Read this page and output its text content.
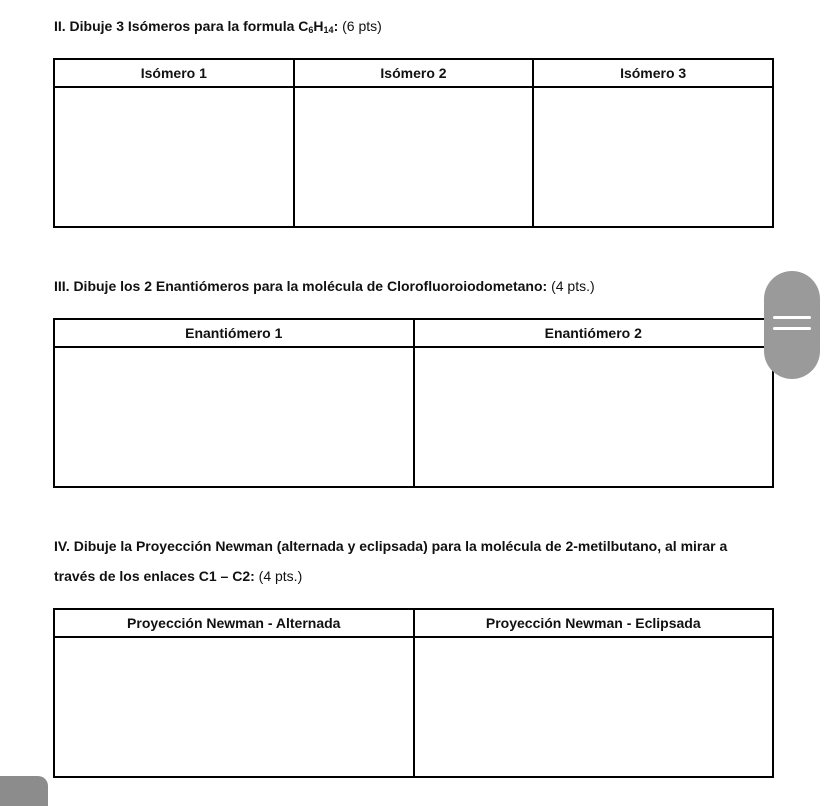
II. Dibuje 3 Isómeros para la formula $C_6H_{14}$: (6 pts)
Isómero 1	Isómero 2	Isómero 3

III. Dibuje los 2 Enantiómeros para la molécula de Clorofluoroiodometano: (4 pts.)
Enantiómero 1	Enantiómero 2

IV. Dibuje la Proyección Newman (alternada y eclipsada) para la molécula de 2-metilbutano, al mirar a
través de los enlaces C1 – C2: (4 pts.)
Proyección Newman - Alternada	Proyección Newman - Eclipsada
